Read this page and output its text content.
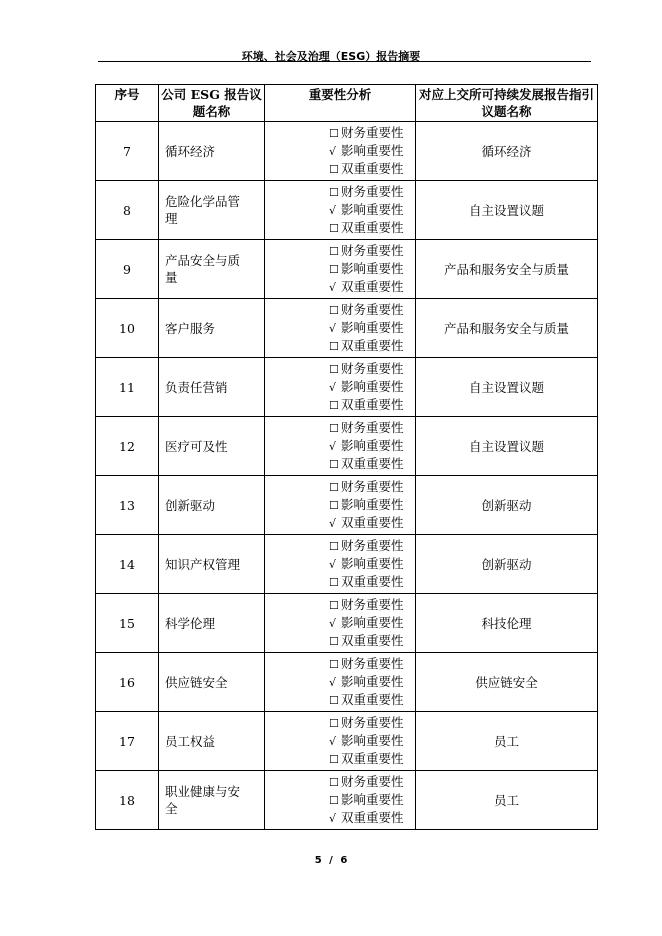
环境、社会及治理（ESG）报告摘要
序号	公司 ESG 报告议题名称	重要性分析	对应上交所可持续发展报告指引议题名称
7	循环经济	☐ 财务重要性
√ 影响重要性
☐ 双重重要性	循环经济
8	危险化学品管理	☐ 财务重要性
√ 影响重要性
☐ 双重重要性	自主设置议题
9	产品安全与质量	☐ 财务重要性
☐ 影响重要性
√ 双重重要性	产品和服务安全与质量
10	客户服务	☐ 财务重要性
√ 影响重要性
☐ 双重重要性	产品和服务安全与质量
11	负责任营销	☐ 财务重要性
√ 影响重要性
☐ 双重重要性	自主设置议题
12	医疗可及性	☐ 财务重要性
√ 影响重要性
☐ 双重重要性	自主设置议题
13	创新驱动	☐ 财务重要性
☐ 影响重要性
√ 双重重要性	创新驱动
14	知识产权管理	☐ 财务重要性
√ 影响重要性
☐ 双重重要性	创新驱动
15	科学伦理	☐ 财务重要性
√ 影响重要性
☐ 双重重要性	科技伦理
16	供应链安全	☐ 财务重要性
√ 影响重要性
☐ 双重重要性	供应链安全
17	员工权益	☐ 财务重要性
√ 影响重要性
☐ 双重重要性	员工
18	职业健康与安全	☐ 财务重要性
☐ 影响重要性
√ 双重重要性	员工
5 / 6
